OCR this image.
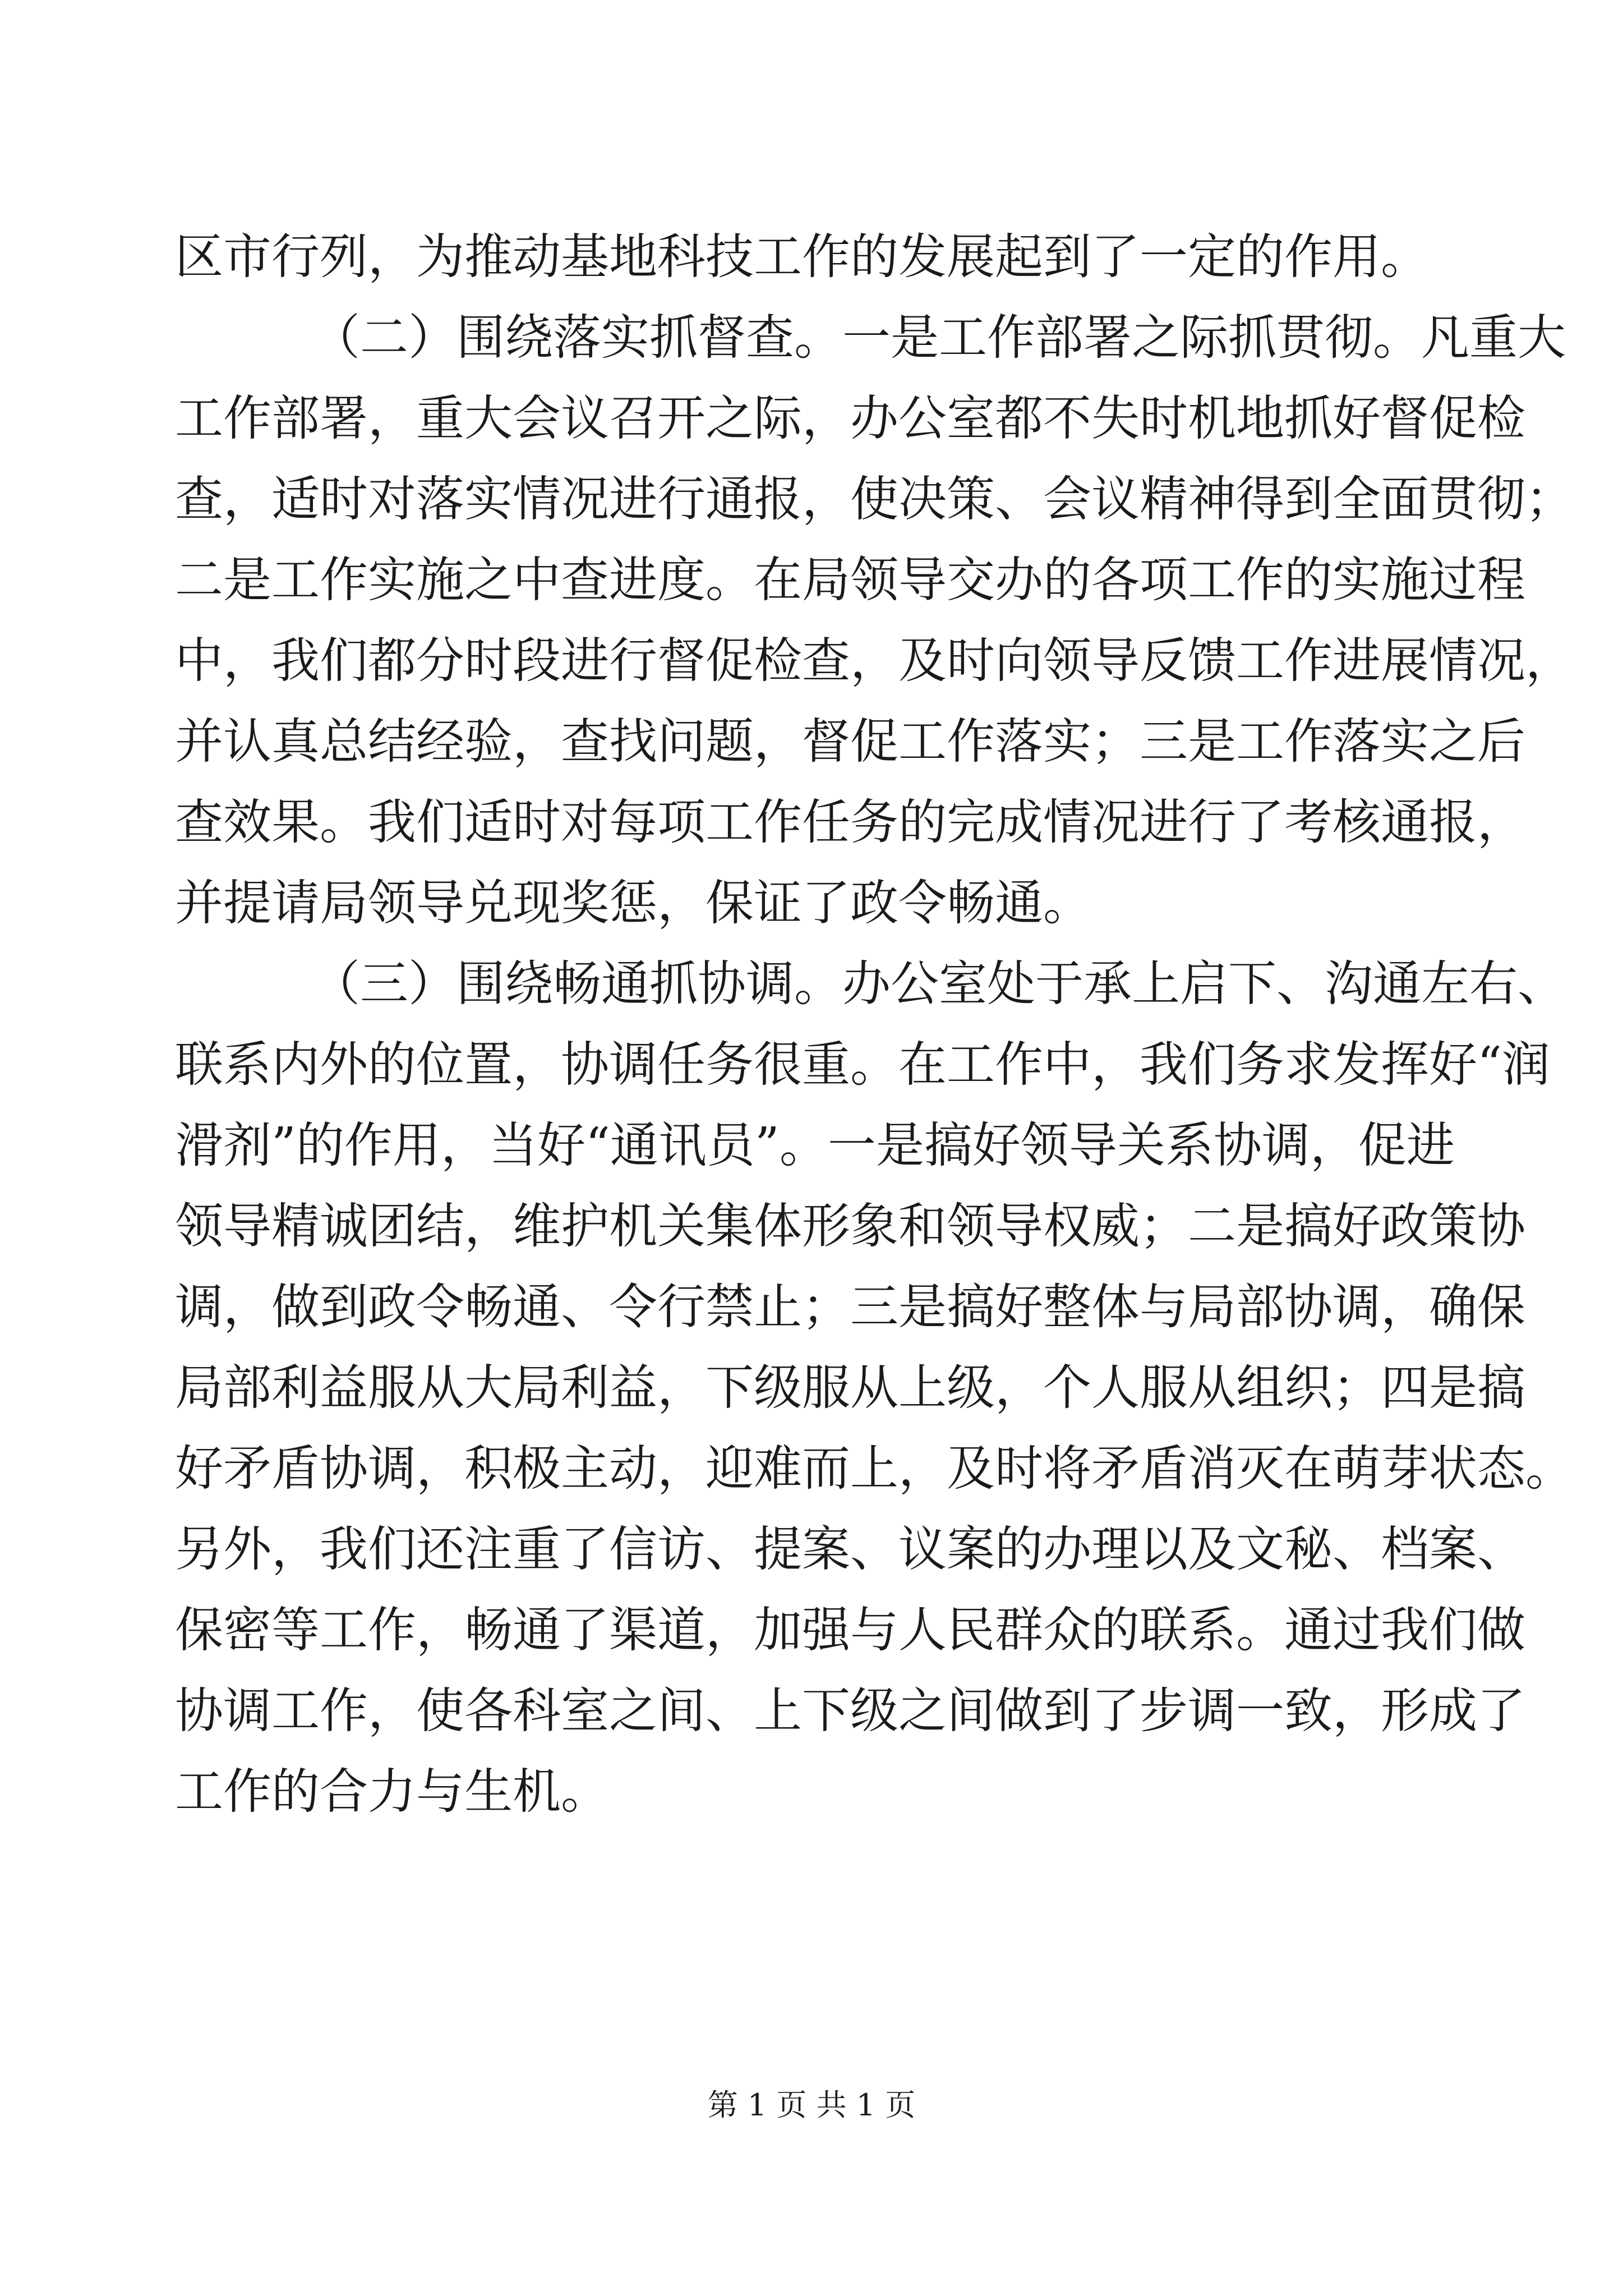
区市行列，为推动基地科技工作的发展起到了一定的作用。
（二）围绕落实抓督查。一是工作部署之际抓贯彻。凡重大
工作部署，重大会议召开之际，办公室都不失时机地抓好督促检
查，适时对落实情况进行通报，使决策、会议精神得到全面贯彻；
二是工作实施之中查进度。在局领导交办的各项工作的实施过程
中，我们都分时段进行督促检查，及时向领导反馈工作进展情况，
并认真总结经验，查找问题，督促工作落实；三是工作落实之后
查效果。我们适时对每项工作任务的完成情况进行了考核通报，
并提请局领导兑现奖惩，保证了政令畅通。
（三）围绕畅通抓协调。办公室处于承上启下、沟通左右、
联系内外的位置，协调任务很重。在工作中，我们务求发挥好“润
滑剂”的作用，当好“通讯员”。一是搞好领导关系协调，促进
领导精诚团结，维护机关集体形象和领导权威；二是搞好政策协
调，做到政令畅通、令行禁止；三是搞好整体与局部协调，确保
局部利益服从大局利益，下级服从上级，个人服从组织；四是搞
好矛盾协调，积极主动，迎难而上，及时将矛盾消灭在萌芽状态。
另外，我们还注重了信访、提案、议案的办理以及文秘、档案、
保密等工作，畅通了渠道，加强与人民群众的联系。通过我们做
协调工作，使各科室之间、上下级之间做到了步调一致，形成了
工作的合力与生机。
第 1 页 共 1 页
